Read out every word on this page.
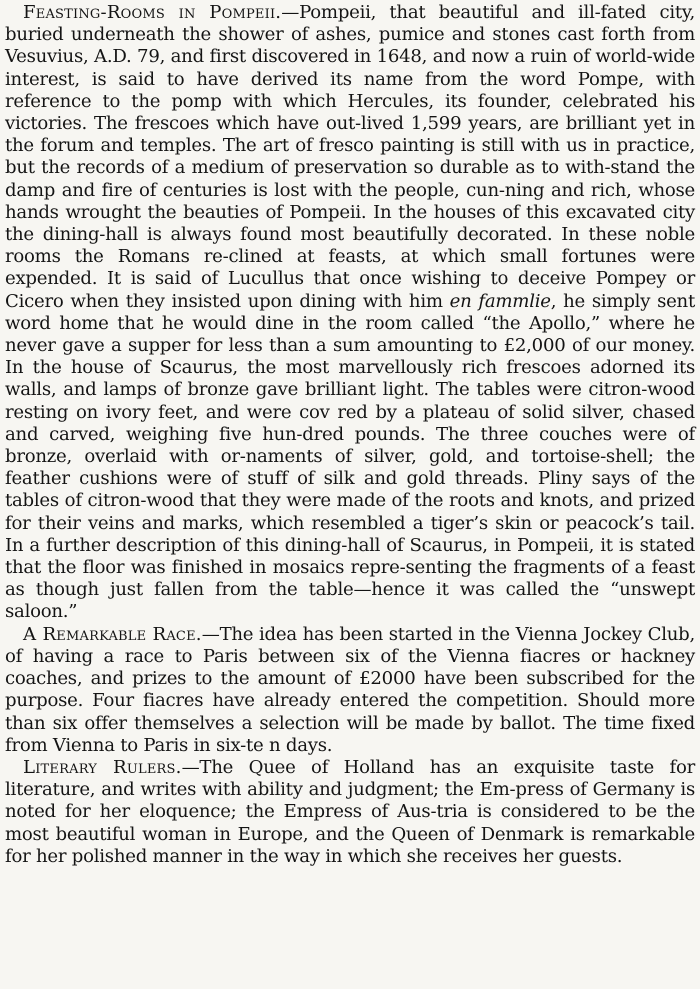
Feasting-Rooms in Pompeii.—Pompeii, that beautiful and ill-fated city, buried underneath the shower of ashes, pumice and stones cast forth from Vesuvius, A.D. 79, and first discovered in 1648, and now a ruin of world-wide interest, is said to have derived its name from the word Pompe, with reference to the pomp with which Hercules, its founder, celebrated his victories. The frescoes which have out-lived 1,599 years, are brilliant yet in the forum and temples. The art of fresco painting is still with us in practice, but the records of a medium of preservation so durable as to with-stand the damp and fire of centuries is lost with the people, cun-ning and rich, whose hands wrought the beauties of Pompeii. In the houses of this excavated city the dining-hall is always found most beautifully decorated. In these noble rooms the Romans re-clined at feasts, at which small fortunes were expended. It is said of Lucullus that once wishing to deceive Pompey or Cicero when they insisted upon dining with him en fammlie, he simply sent word home that he would dine in the room called “the Apollo,” where he never gave a supper for less than a sum amounting to £2,000 of our money. In the house of Scaurus, the most marvellously rich frescoes adorned its walls, and lamps of bronze gave brilliant light. The tables were citron-wood resting on ivory feet, and were cov red by a plateau of solid silver, chased and carved, weighing five hun-dred pounds. The three couches were of bronze, overlaid with or-naments of silver, gold, and tortoise-shell; the feather cushions were of stuff of silk and gold threads. Pliny says of the tables of citron-wood that they were made of the roots and knots, and prized for their veins and marks, which resembled a tiger’s skin or peacock’s tail. In a further description of this dining-hall of Scaurus, in Pompeii, it is stated that the floor was finished in mosaics repre-senting the fragments of a feast as though just fallen from the table—hence it was called the “unswept saloon.”

A Remarkable Race.—The idea has been started in the Vienna Jockey Club, of having a race to Paris between six of the Vienna fiacres or hackney coaches, and prizes to the amount of £2000 have been subscribed for the purpose. Four fiacres have already entered the competition. Should more than six offer themselves a selection will be made by ballot. The time fixed from Vienna to Paris in six-te n days.

Literary Rulers.—The Quee of Holland has an exquisite taste for literature, and writes with ability and judgment; the Em-press of Germany is noted for her eloquence; the Empress of Aus-tria is considered to be the most beautiful woman in Europe, and the Queen of Denmark is remarkable for her polished manner in the way in which she receives her guests.
